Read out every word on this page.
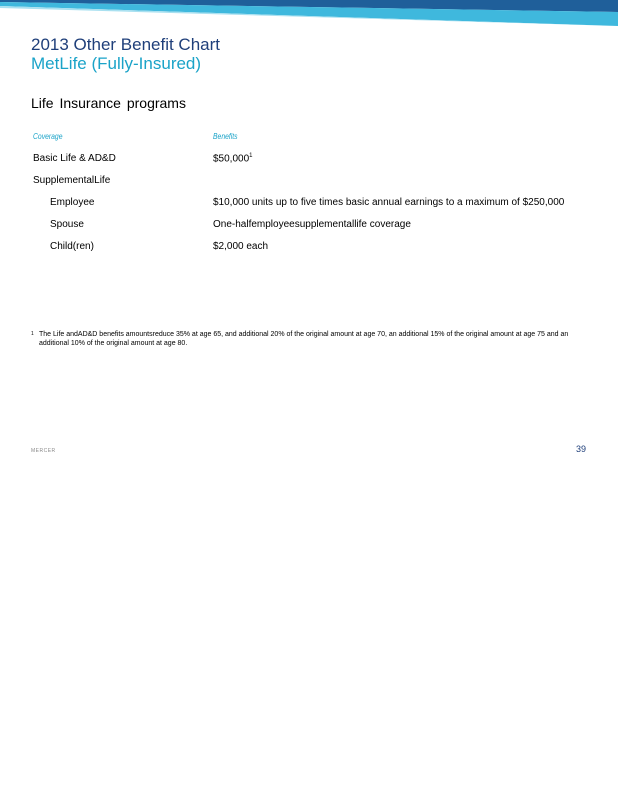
2013 Other Benefit Chart
MetLife (Fully-Insured)
Life Insurance programs
Coverage	Benefits
Basic Life & AD&D	$50,000$^1$
SupplementalLife
Employee	$10,000 units up to five times basic annual earnings to a maximum of $250,000
Spouse	One-halfemployeesupplementallife coverage
Child(ren)	$2,000 each
1 The Life andAD&D benefits amountsreduce 35% at age 65, and additional 20% of the original amount at age 70, an additional 15% of the original amount at age 75 and an additional 10% of the original amount at age 80.
MERCER	39
